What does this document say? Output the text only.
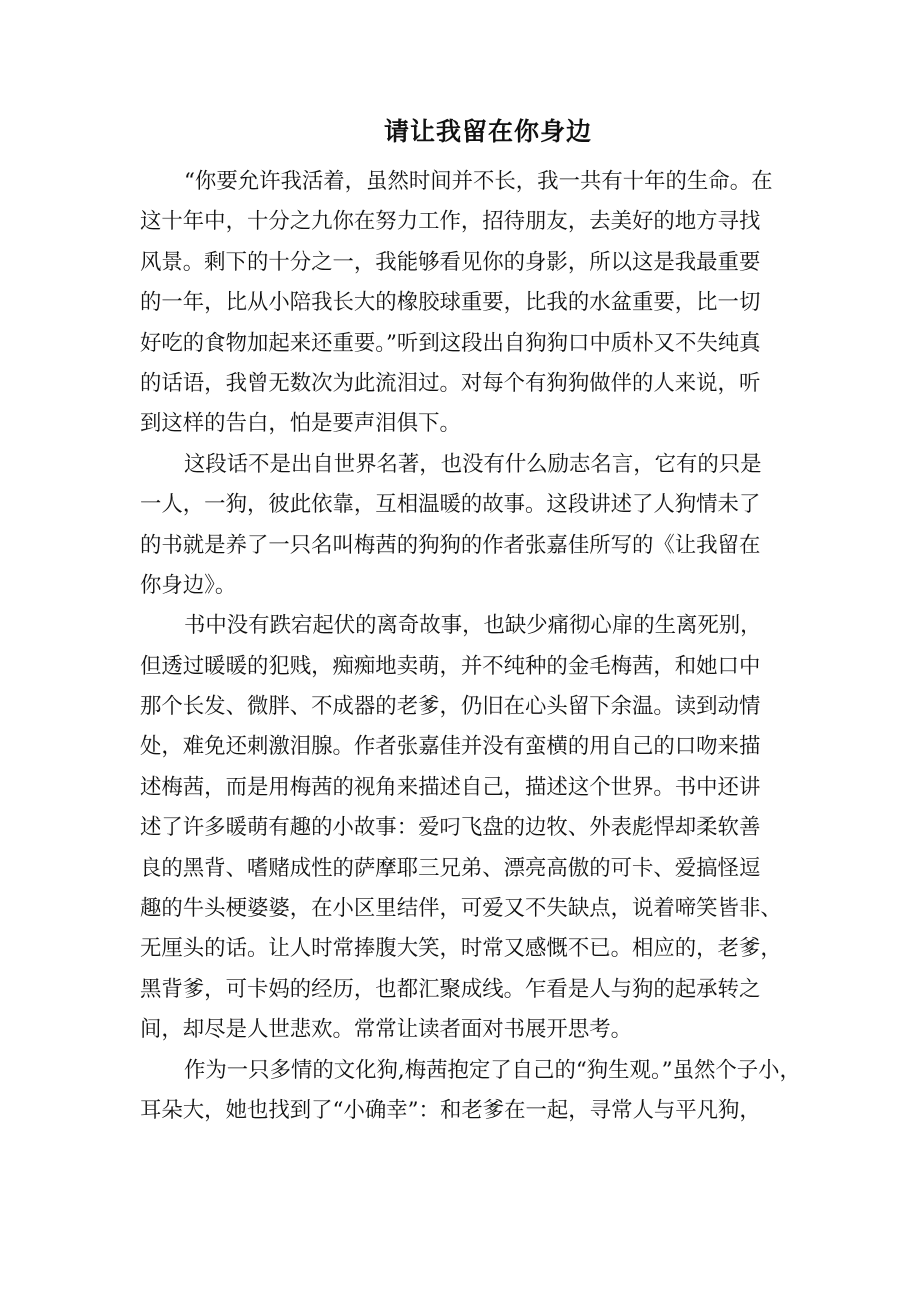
请让我留在你身边
“你要允许我活着，虽然时间并不长，我一共有十年的生命。在
这十年中，十分之九你在努力工作，招待朋友，去美好的地方寻找
风景。剩下的十分之一，我能够看见你的身影，所以这是我最重要
的一年，比从小陪我长大的橡胶球重要，比我的水盆重要，比一切
好吃的食物加起来还重要。”听到这段出自狗狗口中质朴又不失纯真
的话语，我曾无数次为此流泪过。对每个有狗狗做伴的人来说，听
到这样的告白，怕是要声泪俱下。
这段话不是出自世界名著，也没有什么励志名言，它有的只是
一人，一狗，彼此依靠，互相温暖的故事。这段讲述了人狗情未了
的书就是养了一只名叫梅茜的狗狗的作者张嘉佳所写的《让我留在
你身边》。
书中没有跌宕起伏的离奇故事，也缺少痛彻心扉的生离死别，
但透过暖暖的犯贱，痴痴地卖萌，并不纯种的金毛梅茜，和她口中
那个长发、微胖、不成器的老爹，仍旧在心头留下余温。读到动情
处，难免还刺激泪腺。作者张嘉佳并没有蛮横的用自己的口吻来描
述梅茜，而是用梅茜的视角来描述自己，描述这个世界。书中还讲
述了许多暖萌有趣的小故事：爱叼飞盘的边牧、外表彪悍却柔软善
良的黑背、嗜赌成性的萨摩耶三兄弟、漂亮高傲的可卡、爱搞怪逗
趣的牛头梗婆婆，在小区里结伴，可爱又不失缺点，说着啼笑皆非、
无厘头的话。让人时常捧腹大笑，时常又感慨不已。相应的，老爹，
黑背爹，可卡妈的经历，也都汇聚成线。乍看是人与狗的起承转之
间，却尽是人世悲欢。常常让读者面对书展开思考。
作为一只多情的文化狗,梅茜抱定了自己的“狗生观。”虽然个子小，
耳朵大，她也找到了“小确幸”：和老爹在一起，寻常人与平凡狗，
